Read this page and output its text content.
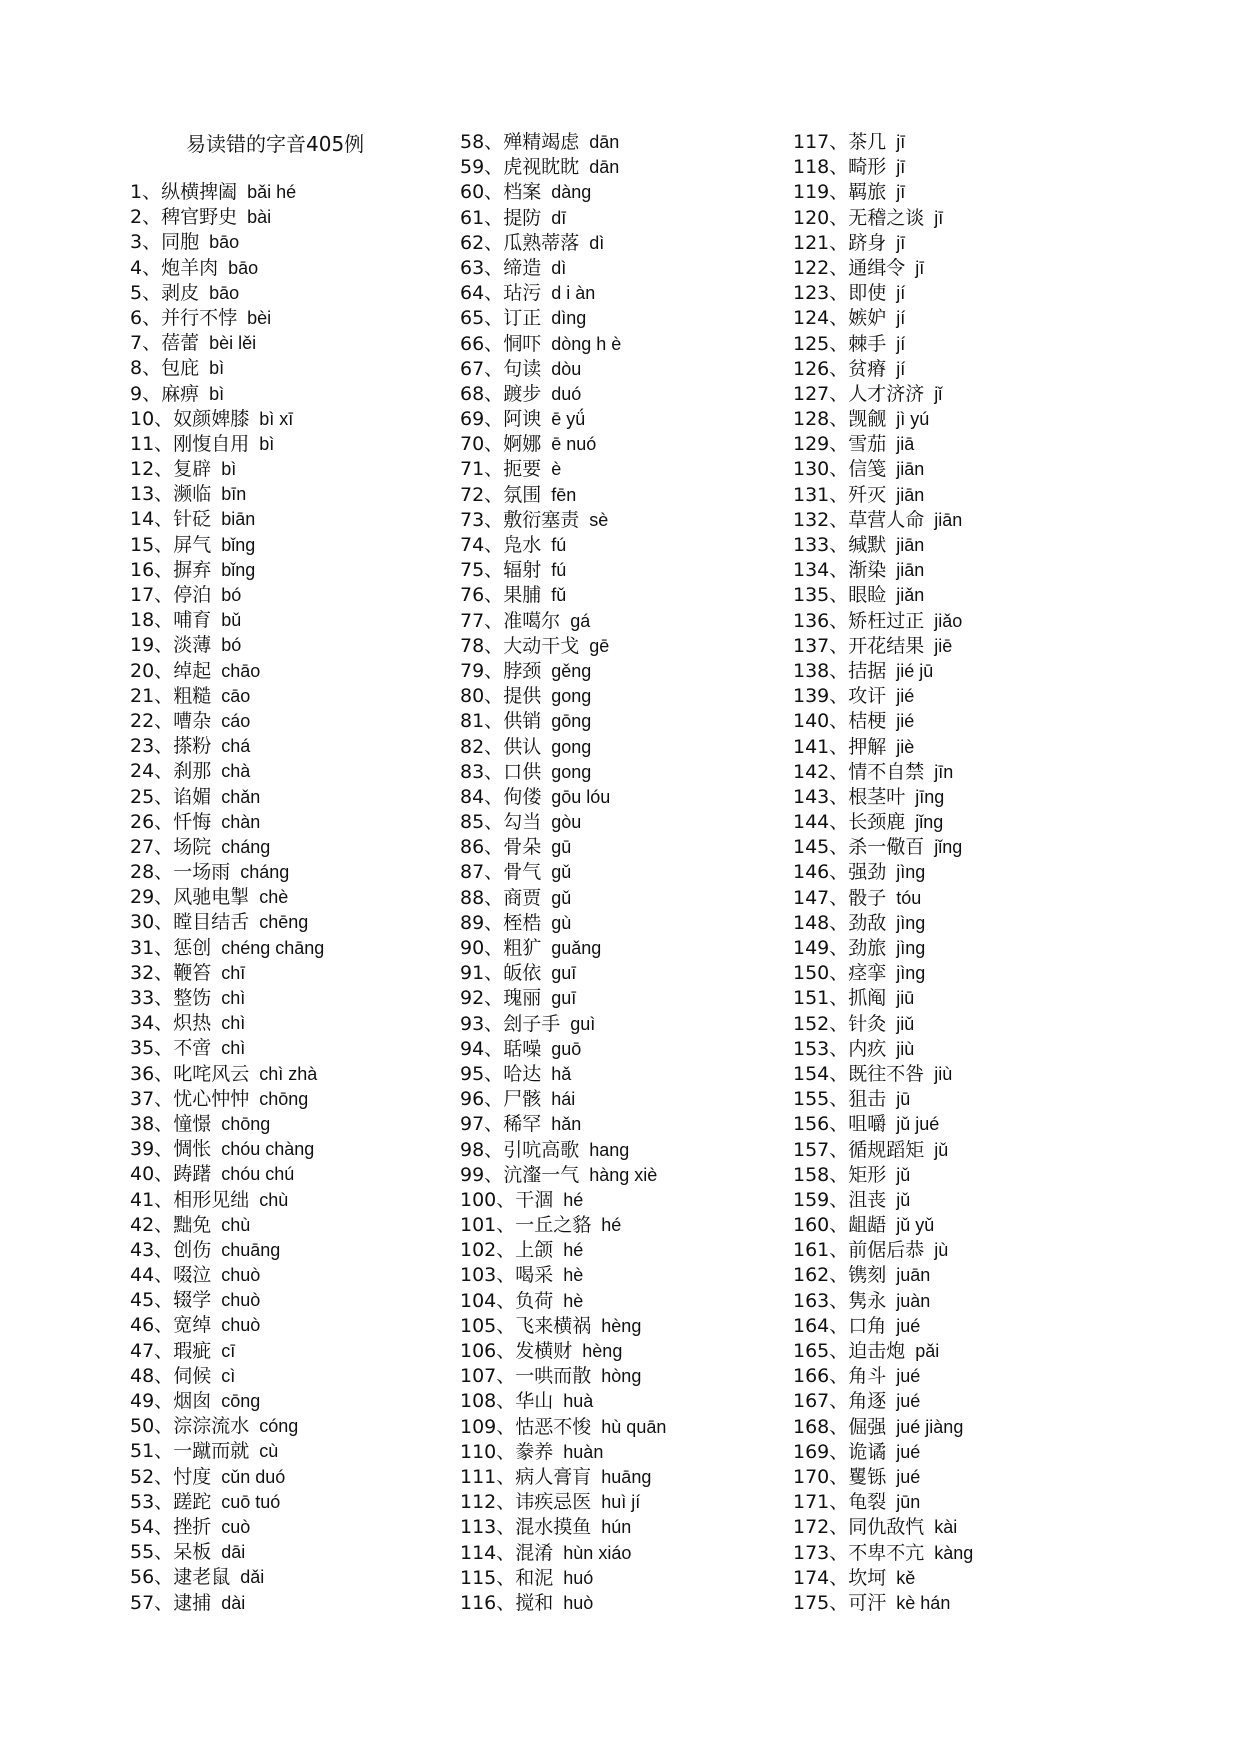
易读错的字音405例
1、纵横捭阖 bǎi hé
2、稗官野史 bài
3、同胞 bāo
4、炮羊肉 bāo
5、剥皮 bāo
6、并行不悖 bèi
7、蓓蕾 bèi lěi
8、包庇 bì
9、麻痹 bì
10、奴颜婢膝 bì xī
11、刚愎自用 bì
12、复辟 bì
13、濒临 bīn
14、针砭 biān
15、屏气 bǐng
16、摒弃 bǐng
17、停泊 bó
18、哺育 bǔ
19、淡薄 bó
20、绰起 chāo
21、粗糙 cāo
22、嘈杂 cáo
23、搽粉 chá
24、刹那 chà
25、谄媚 chǎn
26、忏悔 chàn
27、场院 cháng
28、一场雨 cháng
29、风驰电掣 chè
30、瞠目结舌 chēng
31、惩创 chéng chāng
32、鞭笞 chī
33、整饬 chì
34、炽热 chì
35、不啻 chì
36、叱咤风云 chì zhà
37、忧心忡忡 chōng
38、憧憬 chōng
39、惆怅 chóu chàng
40、踌躇 chóu chú
41、相形见绌 chù
42、黜免 chù
43、创伤 chuāng
44、啜泣 chuò
45、辍学 chuò
46、宽绰 chuò
47、瑕疵 cī
48、伺候 cì
49、烟囱 cōng
50、淙淙流水 cóng
51、一蹴而就 cù
52、忖度 cǔn duó
53、蹉跎 cuō tuó
54、挫折 cuò
55、呆板 dāi
56、逮老鼠 dǎi
57、逮捕 dài
58、殚精竭虑 dān
59、虎视眈眈 dān
60、档案 dàng
61、提防 dī
62、瓜熟蒂落 dì
63、缔造 dì
64、玷污 d i àn
65、订正 dìng
66、恫吓 dòng h è
67、句读 dòu
68、踱步 duó
69、阿谀 ē yǘ
70、婀娜 ē nuó
71、扼要 è
72、氛围 fēn
73、敷衍塞责sè
74、凫水 fú
75、辐射 fú
76、果脯 fǔ
77、准噶尔 gá
78、大动干戈 gē
79、脖颈 gěng
80、提供 gong
81、供销 gōng
82、供认 gong
83、口供 gong
84、佝偻 gōu lóu
85、勾当 gòu
86、骨朵 gū
87、骨气 gǔ
88、商贾 gǔ
89、桎梏 gù
90、粗犷 guǎng
91、皈依 guī
92、瑰丽 guī
93、刽子手 guì
94、聒噪 guō
95、哈达 hǎ
96、尸骸 hái
97、稀罕 hǎn
98、引吭高歌 hang
99、沆瀣一气 hàng xiè
100、干涸 hé
101、一丘之貉 hé
102、上颌 hé
103、喝采 hè
104、负荷 hè
105、飞来横祸 hèng
106、发横财 hèng
107、一哄而散 hòng
108、华山 huà
109、怙恶不悛 hù quān
110、豢养 huàn
111、病人膏肓 huāng
112、讳疾忌医 huì jí
113、混水摸鱼 hún
114、混淆 hùn xiáo
115、和泥 huó
116、搅和 huò
117、茶几 jī
118、畸形 jī
119、羁旅 jī
120、无稽之谈 jī
121、跻身 jī
122、通缉令 jī
123、即使 jí
124、嫉妒 jí
125、棘手 jí
126、贫瘠 jí
127、人才济济 jǐ
128、觊觎 jì yú
129、雪茄 jiā
130、信笺 jiān
131、歼灭 jiān
132、草营人命 jiān
133、缄默 jiān
134、渐染 jiān
135、眼睑 jiǎn
136、矫枉过正 jiǎo
137、开花结果 jiē
138、拮据 jié jū
139、攻讦 jié
140、桔梗 jié
141、押解 jiè
142、情不自禁 jīn
143、根茎叶 jīng
144、长颈鹿 jǐng
145、杀一儆百 jǐng
146、强劲 jìng
147、骰子 tóu
148、劲敌 jìng
149、劲旅 jìng
150、痉挛 jìng
151、抓阄 jiū
152、针灸 jiǔ
153、内疚 jiù
154、既往不咎 jiù
155、狙击 jū
156、咀嚼 jǔ jué
157、循规蹈矩 jǔ
158、矩形 jǔ
159、沮丧 jǔ
160、龃龉 jǔ yǔ
161、前倨后恭 jù
162、镌刻 juān
163、隽永 juàn
164、口角 jué
165、迫击炮 pǎi
166、角斗 jué
167、角逐 jué
168、倔强 jué jiàng
169、诡谲 jué
170、矍铄 jué
171、龟裂 jūn
172、同仇敌忾 kài
173、不卑不亢 kàng
174、坎坷 kě
175、可汗 kè hán
